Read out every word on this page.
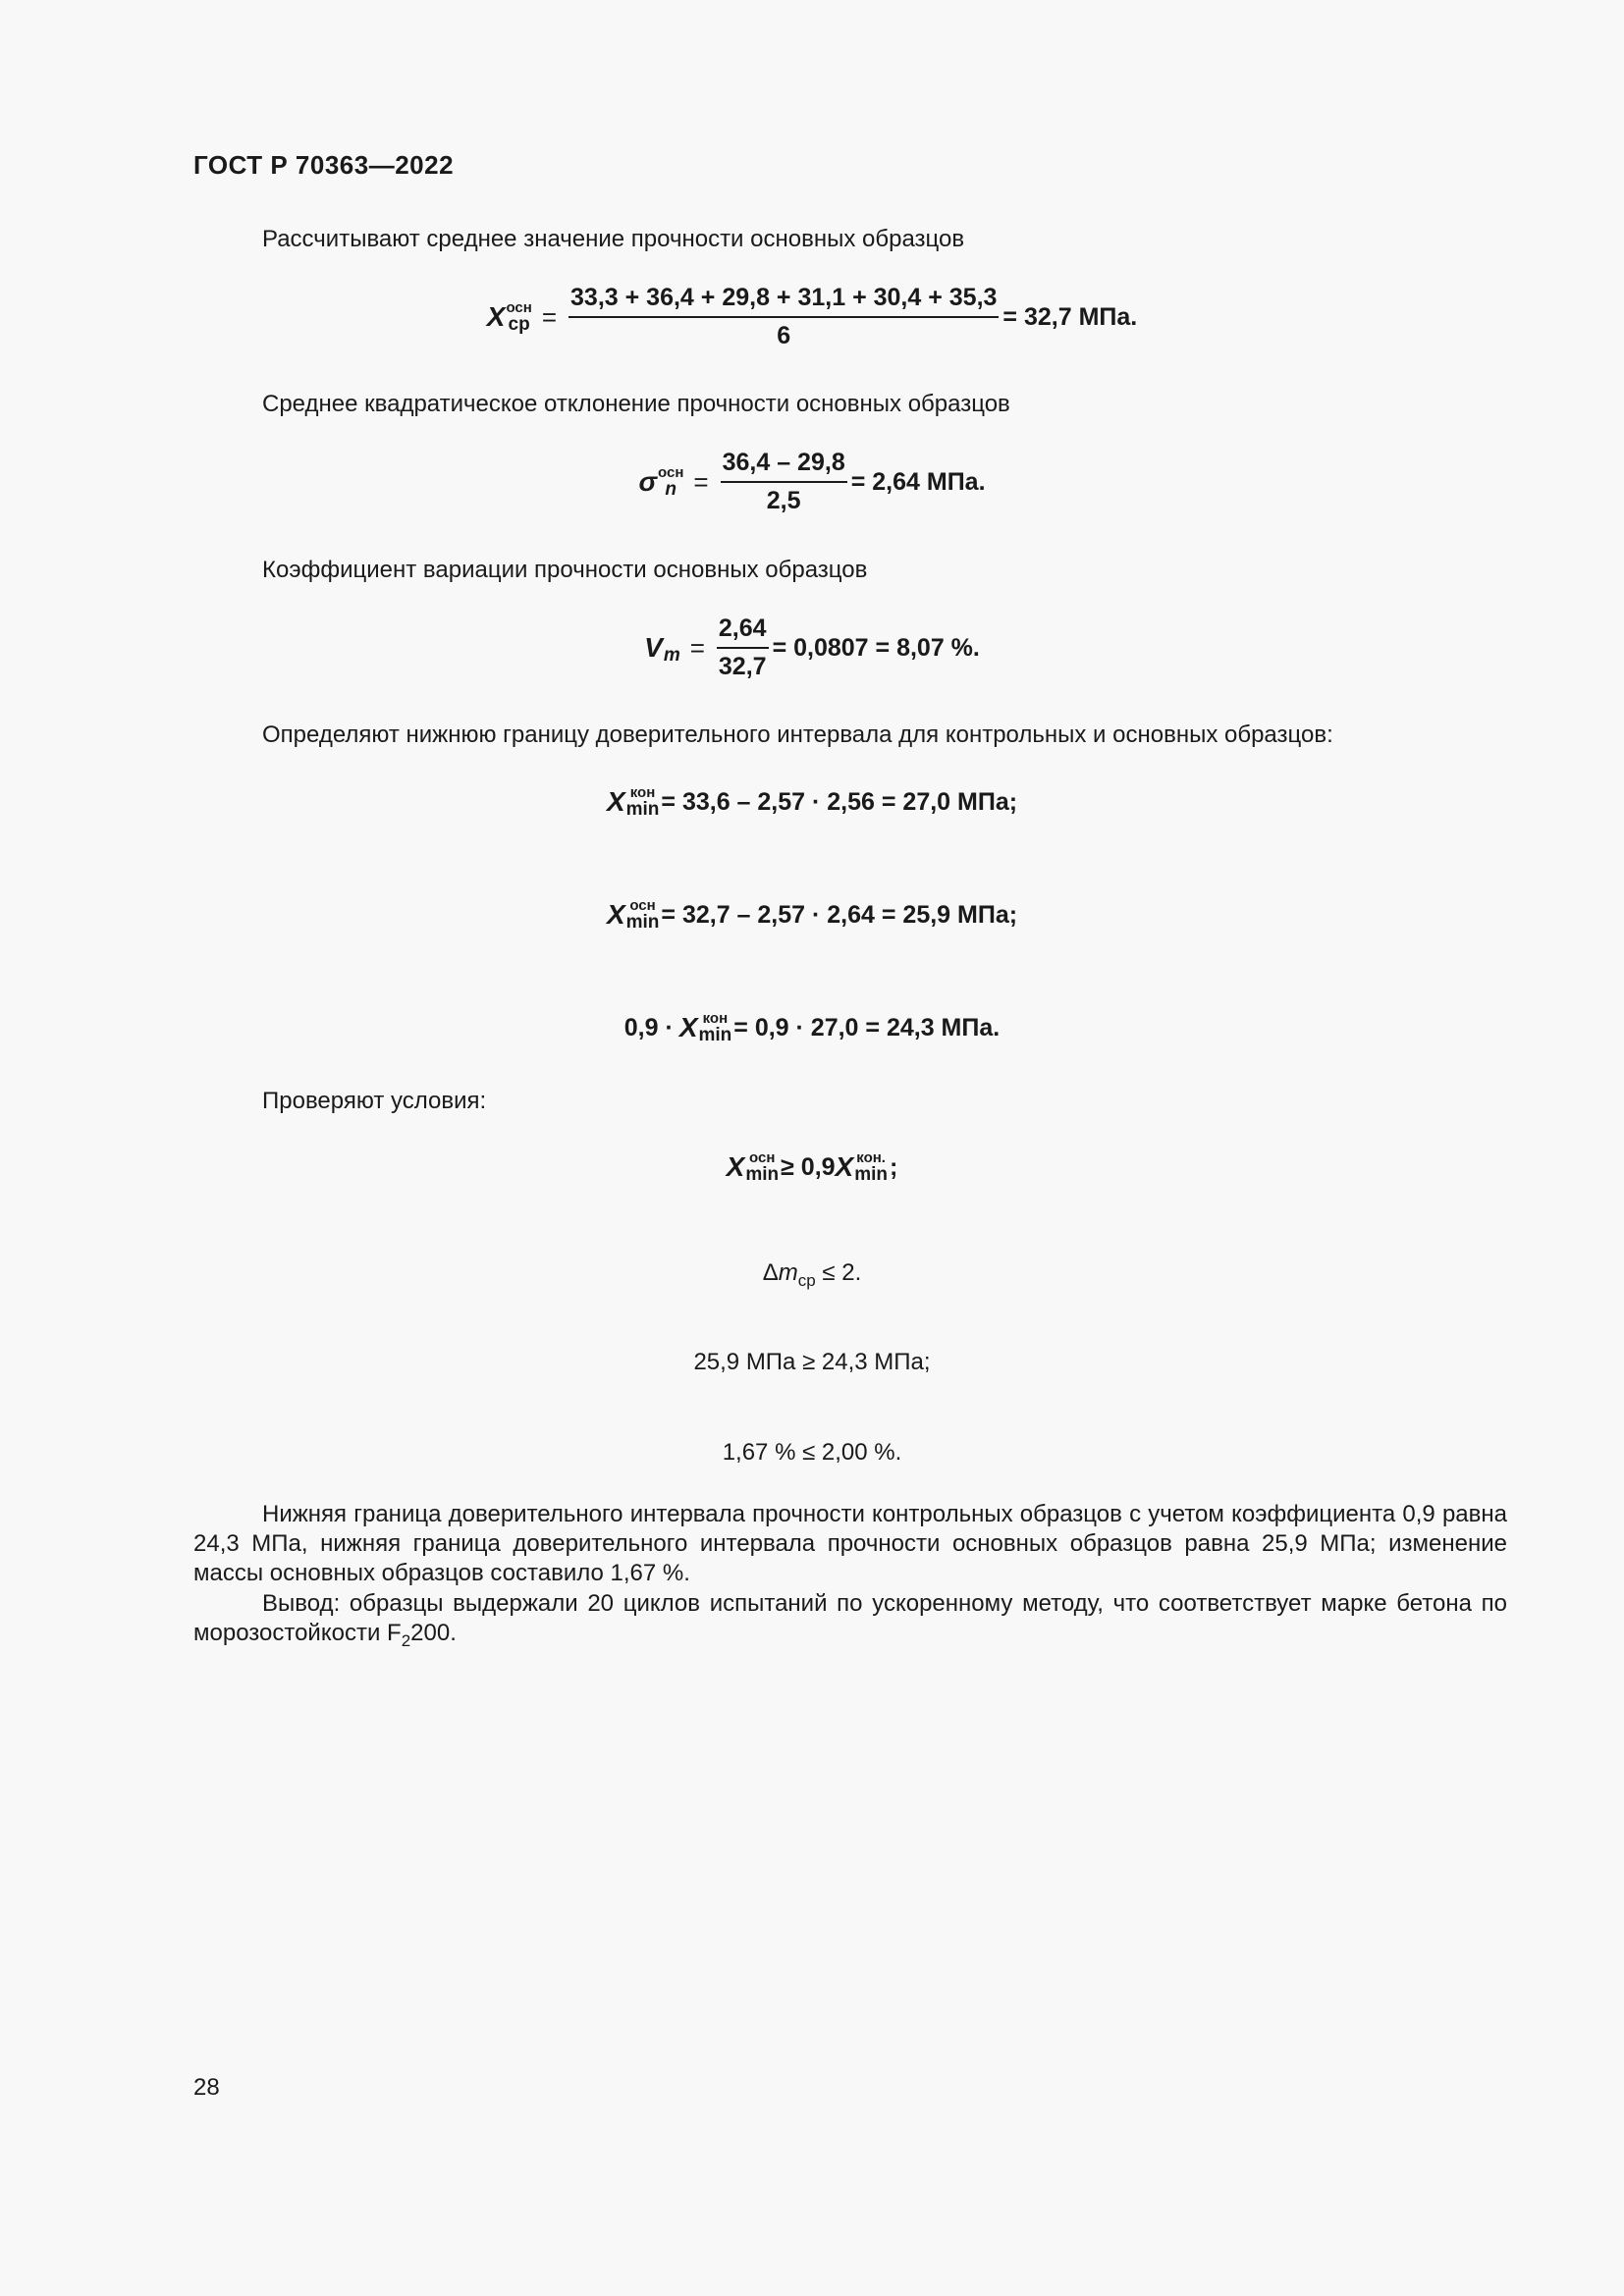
ГОСТ Р 70363—2022
Рассчитывают среднее значение прочности основных образцов
X осн
ср = $\frac{33,3 + 36,4 + 29,8 + 31,1 + 30,4 + 35,3}{6} = 32,7$ МПа.
Среднее квадратическое отклонение прочности основных образцов
σ осн
$n = \frac{36,4 - 29,8}{2,5} = 2,64$ МПа.
Коэффициент вариации прочности основных образцов
V $m = \frac{2,64}{32,7} = 0,0807 = 8,07$ %.
Определяют нижнюю границу доверительного интервала для контрольных и основных образцов:
X кон
min = 33,6 – 2,57 · 2,56 = 27,0 МПа;
X осн
min = 32,7 – 2,57 · 2,64 = 25,9 МПа;
0,9 · X кон
min = 0,9 · 27,0 = 24,3 МПа.
Проверяют условия:
X осн
min ≥ 0,9 X кон.
min ;
$\Delta m_{ср} \le 2$.
25,9 МПа ≥ 24,3 МПа;
1,67 % ≤ 2,00 %.
Нижняя граница доверительного интервала прочности контрольных образцов с учетом коэффициента 0,9 равна 24,3 МПа, нижняя граница доверительного интервала прочности основных образцов равна 25,9 МПа; изменение массы основных образцов составило 1,67 %.
Вывод: образцы выдержали 20 циклов испытаний по ускоренному методу, что соответствует марке бетона по морозостойкости $F_2200$.
28
